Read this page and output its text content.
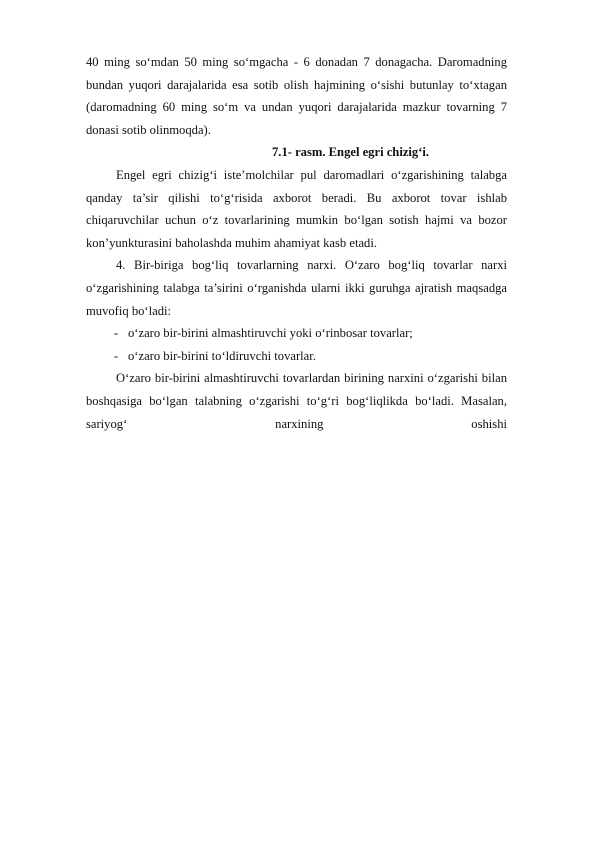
40 ming so‘mdan 50 ming so‘mgacha - 6 donadan 7 donagacha. Daromadning bundan yuqori darajalarida esa sotib olish hajmining o‘sishi butunlay to‘xtagan (daromadning 60 ming so‘m va undan yuqori darajalarida mazkur tovarning 7 donasi sotib olinmoqda).

7.1- rasm. Engel egri chizig‘i.

Engel egri chizig‘i iste’molchilar pul daromadlari o‘zgarishining talabga qanday ta’sir qilishi to‘g‘risida axborot beradi. Bu axborot tovar ishlab chiqaruvchilar uchun o‘z tovarlarining mumkin bo‘lgan sotish hajmi va bozor kon’yunkturasini baholashda muhim ahamiyat kasb etadi.

4. Bir-biriga bog‘liq tovarlarning narxi. O‘zaro bog‘liq tovarlar narxi o‘zgarishining talabga ta’sirini o‘rganishda ularni ikki guruhga ajratish maqsadga muvofiq bo‘ladi:

- o‘zaro bir-birini almashtiruvchi yoki o‘rinbosar tovarlar;

- o‘zaro bir-birini to‘ldiruvchi tovarlar.

O‘zaro bir-birini almashtiruvchi tovarlardan birining narxini o‘zgarishi bilan boshqasiga bo‘lgan talabning o‘zgarishi to‘g‘ri bog‘liqlikda bo‘ladi. Masalan, sariyog‘ narxining oshishi
